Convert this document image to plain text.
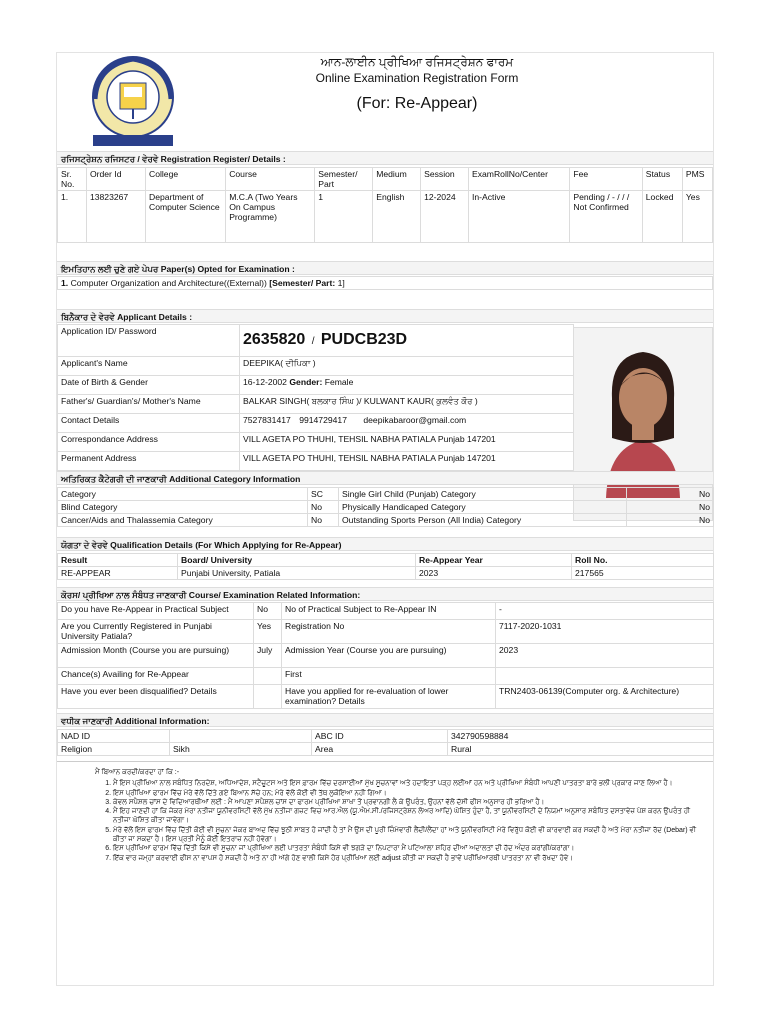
ਆਨ-ਲਾਈਨ ਪ੍ਰੀਖਿਆ ਰਜਿਸਟ੍ਰੇਸ਼ਨ ਫਾਰਮ
Online Examination Registration Form
(For: Re-Appear)
ਰਜਿਸਟ੍ਰੇਸ਼ਨ ਰਜਿਸਟਰ / ਵੇਰਵੇ Registration Register/ Details :
Sr. No.	Order Id	College	Course	Semester/ Part	Medium	Session	ExamRollNo/Center	Fee	Status	PMS
1.	13823267	Department of Computer Science	M.C.A (Two Years On Campus Programme)	1	English	12-2024	In-Active	Pending / - / / / Not Confirmed	Locked	Yes
ਇਮਤਿਹਾਨ ਲਈ ਚੁਣੇ ਗਏ ਪੇਪਰ Paper(s) Opted for Examination :
1. Computer Organization and Architecture((External)) [Semester/ Part: 1]
ਬਿਨੈਕਾਰ ਦੇ ਵੇਰਵੇ Applicant Details :
Application ID/ Password	2635820 / PUDCB23D
Applicant's Name	DEEPIKA( ਦੀਪਿਕਾ )
Date of Birth & Gender	16-12-2002 Gender: Female
Father's/ Guardian's/ Mother's Name	BALKAR SINGH( ਬਲਕਾਰ ਸਿੰਘ )/ KULWANT KAUR( ਕੁਲਵੰਤ ਕੌਰ )
Contact Details	7527831417 9914729417 deepikabaroor@gmail.com
Correspondance Address	VILL AGETA PO THUHI, TEHSIL NABHA PATIALA Punjab 147201
Permanent Address	VILL AGETA PO THUHI, TEHSIL NABHA PATIALA Punjab 147201
ਅਤਿਰਿਕਤ ਕੈਟੇਗਰੀ ਦੀ ਜਾਣਕਾਰੀ Additional Category Information
Category	SC	Single Girl Child (Punjab) Category	No
Blind Category	No	Physically Handicaped Category	No
Cancer/Aids and Thalassemia Category	No	Outstanding Sports Person (All India) Category	No
ਯੋਗਤਾ ਦੇ ਵੇਰਵੇ Qualification Details (For Which Applying for Re-Appear)
Result	Board/ University	Re-Appear Year	Roll No.
RE-APPEAR	Punjabi University, Patiala	2023	217565
ਕੋਰਸ/ ਪ੍ਰੀਖਿਆ ਨਾਲ ਸੰਬੰਧਤ ਜਾਣਕਾਰੀ Course/ Examination Related Information:
Do you have Re-Appear in Practical Subject	No	No of Practical Subject to Re-Appear IN	-
Are you Currently Registered in Punjabi University Patiala?	Yes	Registration No	7117-2020-1031
Admission Month (Course you are pursuing)	July	Admission Year (Course you are pursuing)	2023
Chance(s) Availing for Re-Appear		First	
Have you ever been disqualified? Details		Have you applied for re-evaluation of lower examination? Details	TRN2403-06139(Computer org. & Architecture)
ਵਧੀਕ ਜਾਣਕਾਰੀ Additional Information:
NAD ID		ABC ID	342790598884
Religion	Sikh	Area	Rural
ਮੈਂ ਬਿਆਨ ਕਰਦੀ/ਕਰਦਾ ਹਾਂ ਕਿ :-
1. ਮੈਂ ਇਸ ਪ੍ਰੀਖਿਆ ਨਾਲ ਸਬੰਧਿਤ ਨਿਰਦੇਸ਼, ਅਧਿਆਦੇਸ਼, ਸਟੈਚੂਟਸ ਅਤੇ ਇਸ ਫ਼ਾਰਮ ਵਿੱਚ ਦਰਸਾਈਆਂ ਮੁੱਖ ਸੂਚਨਾਵਾਂ ਅਤੇ ਹਦਾਇਤਾਂ ਪੜ੍ਹ ਲਈਆਂ ਹਨ ਅਤੇ ਪ੍ਰੀਖਿਆ ਸੰਬੰਧੀ ਆਪਣੀ ਪਾਤਰਤਾ ਬਾਰੇ ਭਲੀ ਪ੍ਰਕਾਰ ਜਾਣ ਲਿਆ ਹੈ।
2. ਇਸ ਪ੍ਰੀਖਿਆ ਫਾਰਮ ਵਿੱਚ ਮੇਰੇ ਵੱਲੋਂ ਦਿੱਤੇ ਗਏ ਬਿਆਨ ਸੱਚੇ ਹਨ; ਮੇਰੇ ਵੱਲੋਂ ਕੋਈ ਵੀ ਤੱਥ ਲੁਕੋਇਆ ਨਹੀਂ ਗਿਆ।
3. ਕੇਵਲ ਸਪੈਸ਼ਲ ਚਾਂਸ ਦੇ ਵਿਦਿਆਰਥੀਆਂ ਲਈ : ਮੈਂ ਆਪਣਾ ਸਪੈਸ਼ਲ ਚਾਂਸ ਦਾ ਫਾਰਮ ਪ੍ਰੀਖਿਆ ਸ਼ਾਖਾ ਤੋਂ ਪ੍ਰਵਾਨਗੀ ਲੈ ਕੇ ਉਪਰੰਤ, ਉਹਨਾਂ ਵੱਲੋਂ ਦੱਸੀ ਫੀਸ ਅਨੁਸਾਰ ਹੀ ਭਰਿਆ ਹੈ।
4. ਮੈਂ ਇਹ ਜਾਣਦੀ ਹਾਂ ਕਿ ਜੇਕਰ ਮੇਰਾ ਨਤੀਜਾ ਯੂਨੀਵਰਸਿਟੀ ਵੱਲੋਂ ਮੁੱਖ ਨਤੀਜਾ ਗਜ਼ਟ ਵਿਚ ਆਰ.ਐਲ (ਯੂ.ਐਮ.ਸੀ./ਰਜਿਸਟ੍ਰੇਸ਼ਨ ਲੋਅਰ ਆਦਿ) ਘੋਸ਼ਿਤ ਹੁੰਦਾ ਹੈ, ਤਾਂ ਯੂਨੀਵਰਸਿਟੀ ਦੇ ਨਿਯਮਾਂ ਅਨੁਸਾਰ ਸਬੰਧਿਤ ਦਸਤਾਵੇਜ਼ ਪੇਸ਼ ਕਰਨ ਉਪਰੰਤ ਹੀ ਨਤੀਜਾ ਘੋਸ਼ਿਤ ਕੀਤਾ ਜਾਵੇਗਾ।
5. ਮੇਰੇ ਵੱਲੋਂ ਇਸ ਫਾਰਮ ਵਿੱਚ ਦਿੱਤੀ ਕੋਈ ਵੀ ਸੂਚਨਾ ਜੇਕਰ ਬਾਅਦ ਵਿੱਚ ਝੂਠੀ ਸਾਬਤ ਹੋ ਜਾਂਦੀ ਹੈ ਤਾਂ ਮੈਂ ਉਸ ਦੀ ਪੂਰੀ ਜ਼ਿੰਮੇਵਾਰੀ ਲੈਂਦੀ/ਲੈਂਦਾ ਹਾਂ ਅਤੇ ਯੂਨੀਵਰਸਿਟੀ ਮੇਰੇ ਵਿਰੁੱਧ ਕੋਈ ਵੀ ਕਾਰਵਾਈ ਕਰ ਸਕਦੀ ਹੈ ਅਤੇ ਮੇਰਾ ਨਤੀਜਾ ਰੱਦ (Debar) ਵੀ ਕੀਤਾ ਜਾ ਸਕਦਾ ਹੈ। ਇਸ ਪ੍ਰਤੀ ਮੈਨੂੰ ਕੋਈ ਇਤਰਾਜ਼ ਨਹੀਂ ਹੋਵੇਗਾ।
6. ਇਸ ਪ੍ਰੀਖਿਆ ਫਾਰਮ ਵਿੱਚ ਦਿੱਤੀ ਕਿਸੇ ਵੀ ਸੂਚਨਾ ਜਾਂ ਪ੍ਰੀਖਿਆ ਲਈ ਪਾਤਰਤਾ ਸੰਬੰਧੀ ਕਿਸੇ ਵੀ ਝਗੜੇ ਦਾ ਨਿਪਟਾਰਾ ਮੈਂ ਪਟਿਆਲਾ ਸ਼ਹਿਰ ਦੀਆਂ ਅਦਾਲਤਾਂ ਦੀ ਹੱਦ ਅੰਦਰ ਕਰਾਂਗੀ/ਕਰਾਂਗਾ।
7. ਇੱਕ ਵਾਰ ਜਮ੍ਹਾਂ ਕਰਵਾਈ ਫੀਸ ਨਾ ਵਾਪਸ ਹੋ ਸਕਦੀ ਹੈ ਅਤੇ ਨਾ ਹੀ ਅੱਗੇ ਹੋਣ ਵਾਲੀ ਕਿਸੇ ਹੋਰ ਪ੍ਰੀਖਿਆ ਲਈ adjust ਕੀਤੀ ਜਾ ਸਕਦੀ ਹੈ ਭਾਵੇਂ ਪਰੀਖਿਆਰਥੀ ਪਾਤਰਤਾ ਨਾ ਵੀ ਰੱਖਦਾ ਹੋਵੇ।
